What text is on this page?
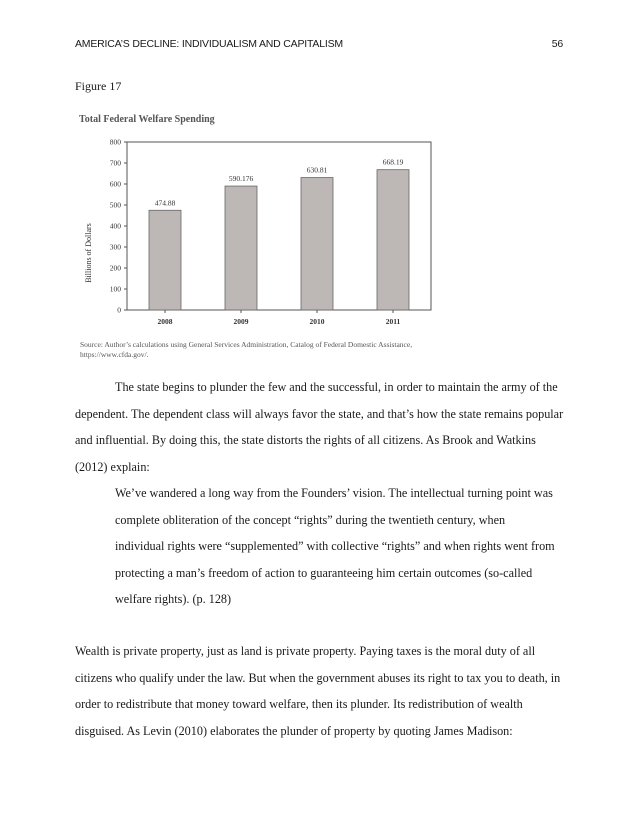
AMERICA’S DECLINE: INDIVIDUALISM AND CAPITALISM	56
Figure 17
Total Federal Welfare Spending
Billions of Dollars
0
100
200
300
400
500
600
700
800
474.88
2008
590.176
2009
630.81
2010
668.19
2011
Source: Author’s calculations using General Services Administration, Catalog of Federal Domestic Assistance,
https://www.cfda.gov/.

The state begins to plunder the few and the successful, in order to maintain the army of the dependent. The dependent class will always favor the state, and that’s how the state remains popular and influential. By doing this, the state distorts the rights of all citizens. As Brook and Watkins (2012) explain:

We’ve wandered a long way from the Founders’ vision. The intellectual turning point was complete obliteration of the concept “rights” during the twentieth century, when individual rights were “supplemented” with collective “rights” and when rights went from protecting a man’s freedom of action to guaranteeing him certain outcomes (so-called welfare rights). (p. 128)

Wealth is private property, just as land is private property. Paying taxes is the moral duty of all citizens who qualify under the law. But when the government abuses its right to tax you to death, in order to redistribute that money toward welfare, then its plunder. Its redistribution of wealth disguised. As Levin (2010) elaborates the plunder of property by quoting James Madison:
